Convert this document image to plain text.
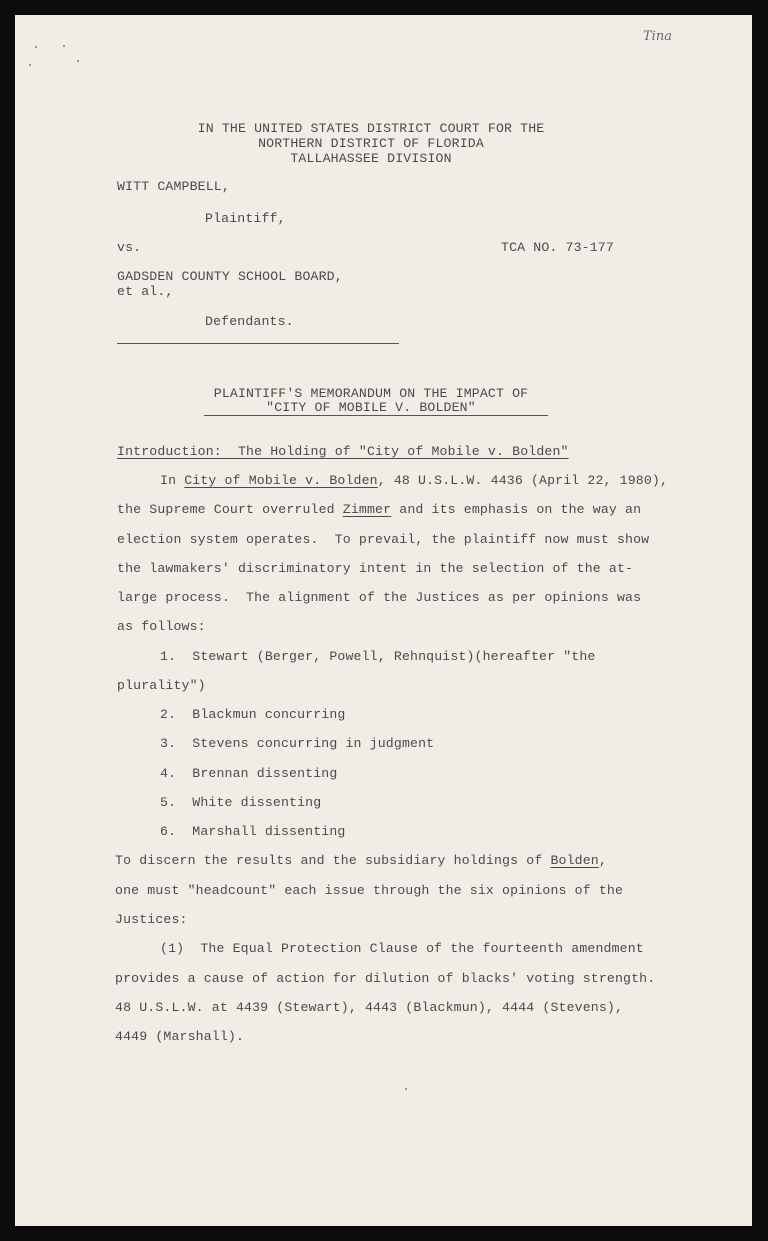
Tina
IN THE UNITED STATES DISTRICT COURT FOR THE
NORTHERN DISTRICT OF FLORIDA
TALLAHASSEE DIVISION
WITT CAMPBELL,
Plaintiff,
vs.	TCA NO. 73-177
GADSDEN COUNTY SCHOOL BOARD,
et al.,
Defendants.
PLAINTIFF'S MEMORANDUM ON THE IMPACT OF
"CITY OF MOBILE V. BOLDEN"
Introduction:  The Holding of "City of Mobile v. Bolden"
In City of Mobile v. Bolden, 48 U.S.L.W. 4436 (April 22, 1980),
the Supreme Court overruled Zimmer and its emphasis on the way an
election system operates.  To prevail, the plaintiff now must show
the lawmakers' discriminatory intent in the selection of the at-
large process.  The alignment of the Justices as per opinions was
as follows:
1. Stewart (Berger, Powell, Rehnquist)(hereafter "the
plurality")
2. Blackmun concurring
3. Stevens concurring in judgment
4. Brennan dissenting
5. White dissenting
6. Marshall dissenting
To discern the results and the subsidiary holdings of Bolden,
one must "headcount" each issue through the six opinions of the
Justices:
(1)  The Equal Protection Clause of the fourteenth amendment
provides a cause of action for dilution of blacks' voting strength.
48 U.S.L.W. at 4439 (Stewart), 4443 (Blackmun), 4444 (Stevens),
4449 (Marshall).
